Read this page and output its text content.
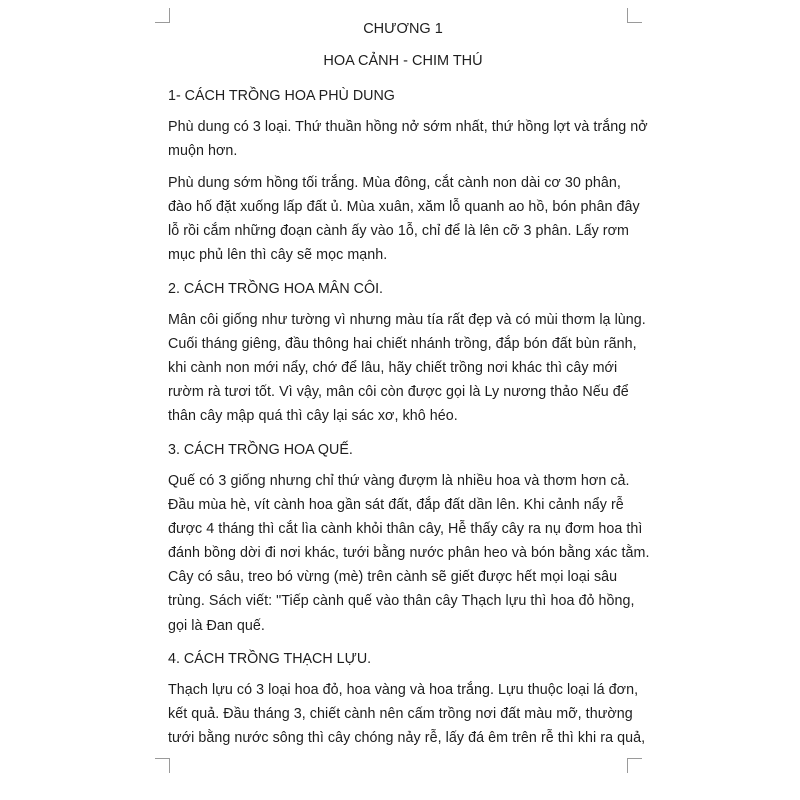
CHƯƠNG 1
HOA CẢNH - CHIM THÚ
1- CÁCH TRỒNG HOA PHÙ DUNG

Phù dung có 3 loại. Thứ thuần hồng nở sớm nhất, thứ hồng lợt và trắng nở
muộn hơn.

Phù dung sớm hồng tối trắng. Mùa đông, cắt cành non dài cơ 30 phân,
đào hố đặt xuống lấp đất ủ. Mùa xuân, xăm lỗ quanh ao hồ, bón phân đây
lỗ rồi cắm những đoạn cành ấy vào 1ỗ, chỉ để là lên cỡ 3 phân. Lấy rơm
mục phủ lên thì cây sẽ mọc mạnh.

2. CÁCH TRỒNG HOA MÂN CÔI.

Mân côi giống như tường vì nhưng màu tía rất đẹp và có mùi thơm lạ lùng.
Cuối tháng giêng, đầu thông hai chiết nhánh trồng, đắp bón đất bùn rãnh,
khi cành non mới nẩy, chớ để lâu, hãy chiết trồng nơi khác thì cây mới
rườm rà tươi tốt. Vì vậy, mân côi còn được gọi là Ly nương thảo Nếu để
thân cây mập quá thì cây lại sác xơ, khô héo.

3. CÁCH TRỒNG HOA QUẾ.

Quế có 3 giống nhưng chỉ thứ vàng đượm là nhiều hoa và thơm hơn cả.
Đầu mùa hè, vít cành hoa gần sát đất, đắp đất dần lên. Khi cảnh nẩy rễ
được 4 tháng thì cắt lìa cành khỏi thân cây, Hễ thấy cây ra nụ đơm hoa thì
đánh bồng dời đi nơi khác, tưới bằng nước phân heo và bón bằng xác tằm.
Cây có sâu, treo bó vừng (mè) trên cành sẽ giết được hết mọi loại sâu
trùng. Sách viết: "Tiếp cành quế vào thân cây Thạch lựu thì hoa đỏ hồng,
gọi là Đan quế.

4. CÁCH TRỒNG THẠCH LỰU.

Thạch lựu có 3 loại hoa đỏ, hoa vàng và hoa trắng. Lựu thuộc loại lá đơn,
kết quả. Đầu tháng 3, chiết cành nên cấm trồng nơi đất màu mỡ, thường
tưới bằng nước sông thì cây chóng nảy rễ, lấy đá êm trên rễ thì khi ra quả,
